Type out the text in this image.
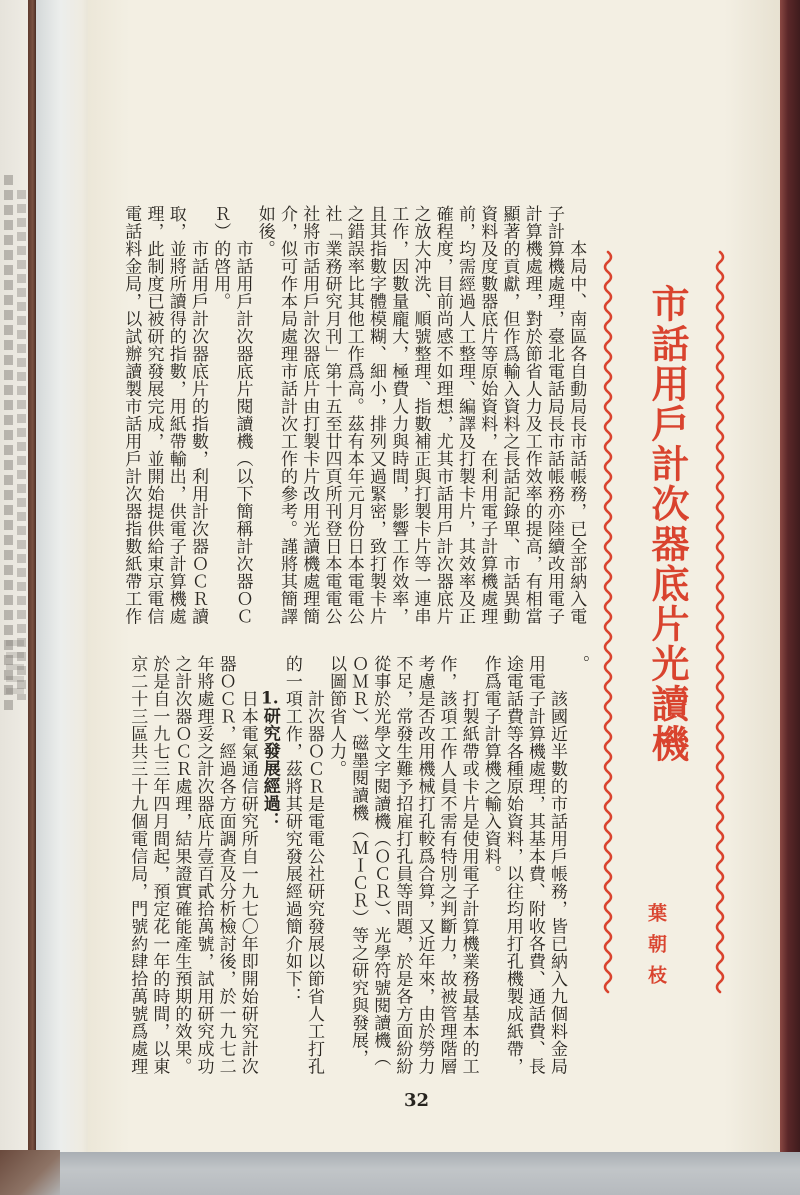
市話用戶計次器底片光讀機
葉朝枝
本局中、南區各自動局長市話帳務，已全部納入電
子計算機處理，臺北電話局長市話帳務亦陸續改用電子
計算機處理，對於節省人力及工作效率的提高，有相當
顯著的貢獻，但作爲輸入資料之長話記錄單、市話異動
資料及度數器底片等原始資料，在利用電子計算機處理
前，均需經過人工整理、編譯及打製卡片，其效率及正
確程度，目前尚感不如理想，尤其市話用戶計次器底片
之放大冲洗、順號整理、指數補正與打製卡片等一連串
工作，因數量龐大，極費人力與時間，影響工作效率，
且其指數字體模糊、細小，排列又過緊密，致打製卡片
之錯誤率比其他工作爲高。茲有本年元月份日本電電公
社「業務研究月刊」第十五至廿四頁所刊登日本電電公
社將市話用戶計次器底片由打製卡片改用光讀機處理簡
介，似可作本局處理市話計次工作的參考。謹將其簡譯
如後。
市話用戶計次器底片閱讀機（以下簡稱計次器ＯＣ
Ｒ）的啓用。
市話用戶計次器底片的指數，利用計次器ＯＣＲ讀
取，並將所讀得的指數，用紙帶輸出，供電子計算機處
理，此制度已被研究發展完成，並開始提供給東京電信
電話料金局，以試辦讀製市話用戶計次器指數紙帶工作
。
該國近半數的市話用戶帳務，皆已納入九個料金局
用電子計算機處理，其基本費、附收各費、通話費、長
途電話費等各種原始資料，以往均用打孔機製成紙帶，
作爲電子計算機之輸入資料。
打製紙帶或卡片是使用電子計算機業務最基本的工
作，該項工作人員不需有特別之判斷力，故被管理階層
考慮是否改用機械打孔較爲合算，又近年來，由於勞力
不足，常發生難予招雇打孔員等問題，於是各方面紛紛
從事於光學文字閱讀機（ＯＣＲ）、光學符號閱讀機（
ＯＭＲ）、磁墨閱讀機（ＭＩＣＲ）等之研究與發展，
以圖節省人力。
計次器ＯＣＲ是電電公社研究發展以節省人工打孔
的一項工作，茲將其研究發展經過簡介如下：
1.研究發展經過：
日本電氣通信研究所自一九七〇年即開始研究計次
器ＯＣＲ，經過各方面調查及分析檢討後，於一九七二
年將處理妥之計次器底片壹百貳拾萬號，試用研究成功
之計次器ＯＣＲ處理，結果證實確能產生預期的效果。
於是自一九七三年四月間起，預定花一年的時間，以東
京二十三區共三十九個電信局，門號約肆拾萬號爲處理
32
